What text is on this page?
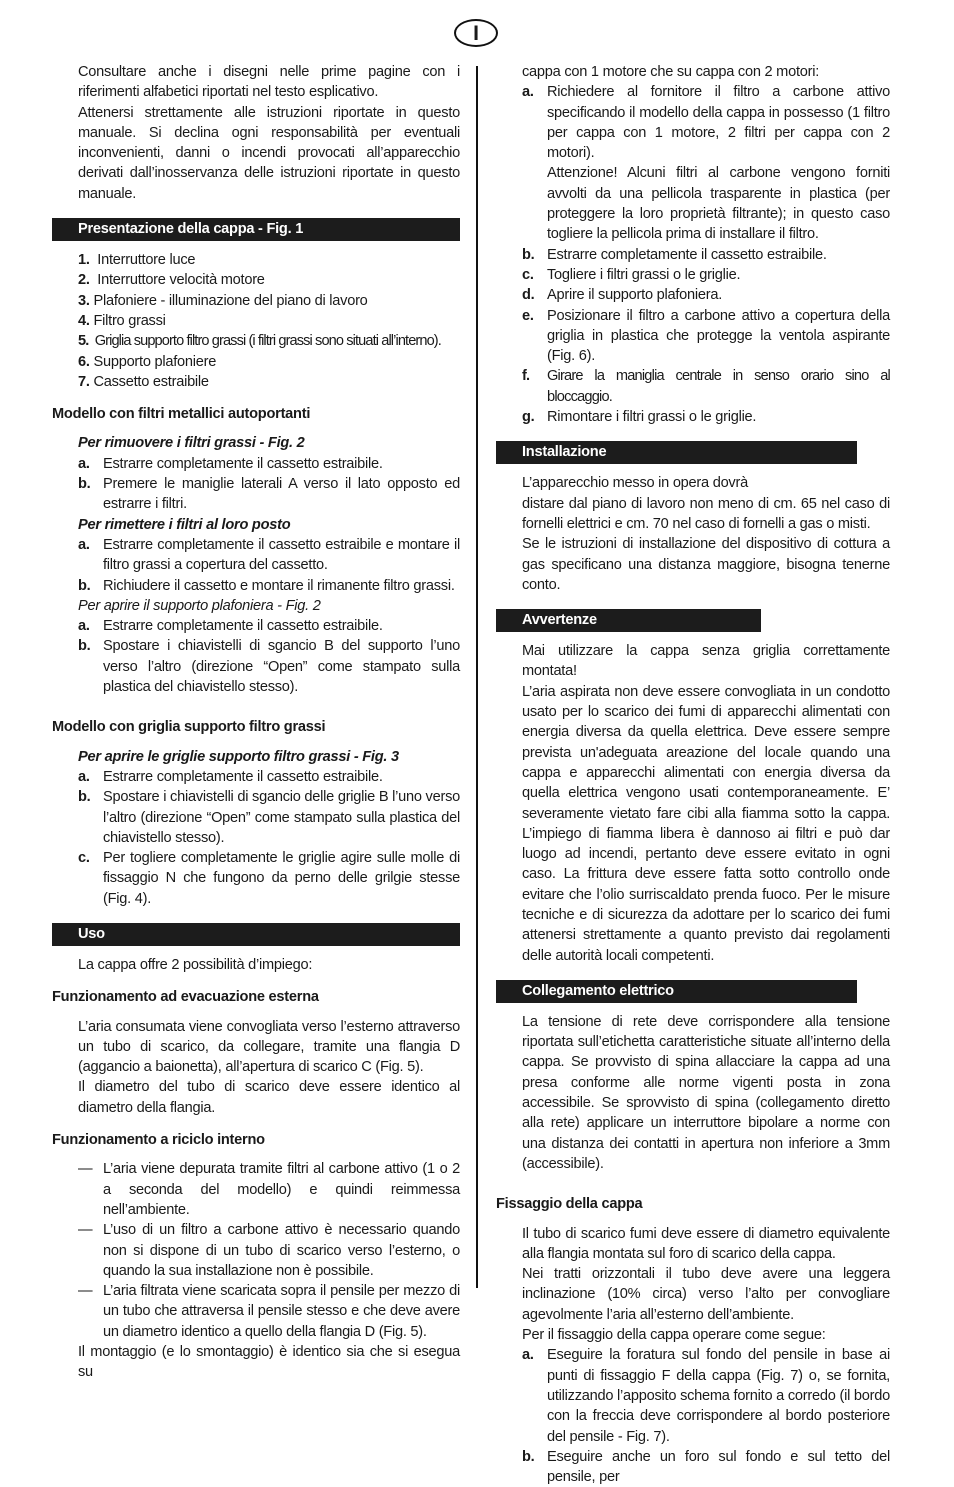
I

Consultare anche i disegni nelle prime pagine con i riferimenti alfabetici riportati nel testo esplicativo.

Attenersi strettamente alle istruzioni riportate in questo manuale. Si declina ogni responsabilità per eventuali inconvenienti, danni o incendi provocati all’apparecchio derivati dall’inosservanza delle istruzioni riportate in questo manuale.

Presentazione della cappa - Fig. 1
1. Interruttore luce
2. Interruttore velocità motore
3. Plafoniere - illuminazione del piano di lavoro
4. Filtro grassi
5. Griglia supporto filtro grassi (i filtri grassi sono situati all’interno).
6. Supporto plafoniere
7. Cassetto estraibile
Modello con filtri metallici autoportanti
Per rimuovere i filtri grassi - Fig. 2
a. Estrarre completamente il cassetto estraibile.
b. Premere le maniglie laterali A verso il lato opposto ed estrarre i filtri.
Per rimettere i filtri al loro posto
a. Estrarre completamente il cassetto estraibile e montare il filtro grassi a copertura del cassetto.
b. Richiudere il cassetto e montare il rimanente filtro grassi.
Per aprire il supporto plafoniera - Fig. 2
a. Estrarre completamente il cassetto estraibile.
b. Spostare i chiavistelli di sgancio B del supporto l’uno verso l’altro (direzione “Open” come stampato sulla plastica del chiavistello stesso).
Modello con griglia supporto filtro grassi
Per aprire le griglie supporto filtro grassi - Fig. 3
a. Estrarre completamente il cassetto estraibile.
b. Spostare i chiavistelli di sgancio delle griglie B l’uno verso l’altro (direzione “Open” come stampato sulla plastica del chiavistello stesso).
c. Per togliere completamente le griglie agire sulle molle di fissaggio N che fungono da perno delle grilgie stesse (Fig. 4).
Uso

La cappa offre 2 possibilità d’impiego:

Funzionamento ad evacuazione esterna

L’aria consumata viene convogliata verso l’esterno attraverso un tubo di scarico, da collegare, tramite una flangia D (aggancio a baionetta), all’apertura di scarico C (Fig. 5).

Il diametro del tubo di scarico deve essere identico al diametro della flangia.

Funzionamento a riciclo interno
— L’aria viene depurata tramite filtri al carbone attivo (1 o 2 a seconda del modello) e quindi reimmessa nell’ambiente.
— L’uso di un filtro a carbone attivo è necessario quando non si dispone di un tubo di scarico verso l’esterno, o quando la sua installazione non è possibile.
— L’aria filtrata viene scaricata sopra il pensile per mezzo di un tubo che attraversa il pensile stesso e che deve avere un diametro identico a quello della flangia D (Fig. 5).

Il montaggio (e lo smontaggio) è identico sia che si esegua su

cappa con 1 motore che su cappa con 2 motori:

a. Richiedere al fornitore il filtro a carbone attivo specificando il modello della cappa in possesso (1 filtro per cappa con 1 motore, 2 filtri per cappa con 2 motori).
Attenzione! Alcuni filtri al carbone vengono forniti avvolti da una pellicola trasparente in plastica (per proteggere la loro proprietà filtrante); in questo caso togliere la pellicola prima di installare il filtro.
b. Estrarre completamente il cassetto estraibile.
c. Togliere i filtri grassi o le griglie.
d. Aprire il supporto plafoniera.
e. Posizionare il filtro a carbone attivo a copertura della griglia in plastica che protegge la ventola aspirante (Fig. 6).
f. Girare la maniglia centrale in senso orario sino al bloccaggio.
g. Rimontare i filtri grassi o le griglie.
Installazione

L’apparecchio messo in opera dovrà

distare dal piano di lavoro non meno di cm. 65 nel caso di fornelli elettrici e cm. 70 nel caso di fornelli a gas o misti.

Se le istruzioni di installazione del dispositivo di cottura a gas specificano una distanza maggiore, bisogna tenerne conto.

Avvertenze

Mai utilizzare la cappa senza griglia correttamente montata!

L’aria aspirata non deve essere convogliata in un condotto usato per lo scarico dei fumi di apparecchi alimentati con energia diversa da quella elettrica. Deve essere sempre prevista un'adeguata areazione del locale quando una cappa e apparecchi alimentati con energia diversa da quella elettrica vengono usati contemporaneamente. E’ severamente vietato fare cibi alla fiamma sotto la cappa. L’impiego di fiamma libera è dannoso ai filtri e può dar luogo ad incendi, pertanto deve essere evitato in ogni caso. La frittura deve essere fatta sotto controllo onde evitare che l’olio surriscaldato prenda fuoco. Per le misure tecniche e di sicurezza da adottare per lo scarico dei fumi attenersi strettamente a quanto previsto dai regolamenti delle autorità locali competenti.

Collegamento elettrico

La tensione di rete deve corrispondere alla tensione riportata sull’etichetta caratteristiche situate all’interno della cappa. Se provvisto di spina allacciare la cappa ad una presa conforme alle norme vigenti posta in zona accessibile. Se sprovvisto di spina (collegamento diretto alla rete) applicare un interruttore bipolare a norme con una distanza dei contatti in apertura non inferiore a 3mm (accessibile).

Fissaggio della cappa

Il tubo di scarico fumi deve essere di diametro equivalente alla flangia montata sul foro di scarico della cappa.

Nei tratti orizzontali il tubo deve avere una leggera inclinazione (10% circa) verso l’alto per convogliare agevolmente l’aria all’esterno dell’ambiente.

Per il fissaggio della cappa operare come segue:

a. Eseguire la foratura sul fondo del pensile in base ai punti di fissaggio F della cappa (Fig. 7) o, se fornita, utilizzando l’apposito schema fornito a corredo (il bordo con la freccia deve corrispondere al bordo posteriore del pensile - Fig. 7).
b. Eseguire anche un foro sul fondo e sul tetto del pensile, per
